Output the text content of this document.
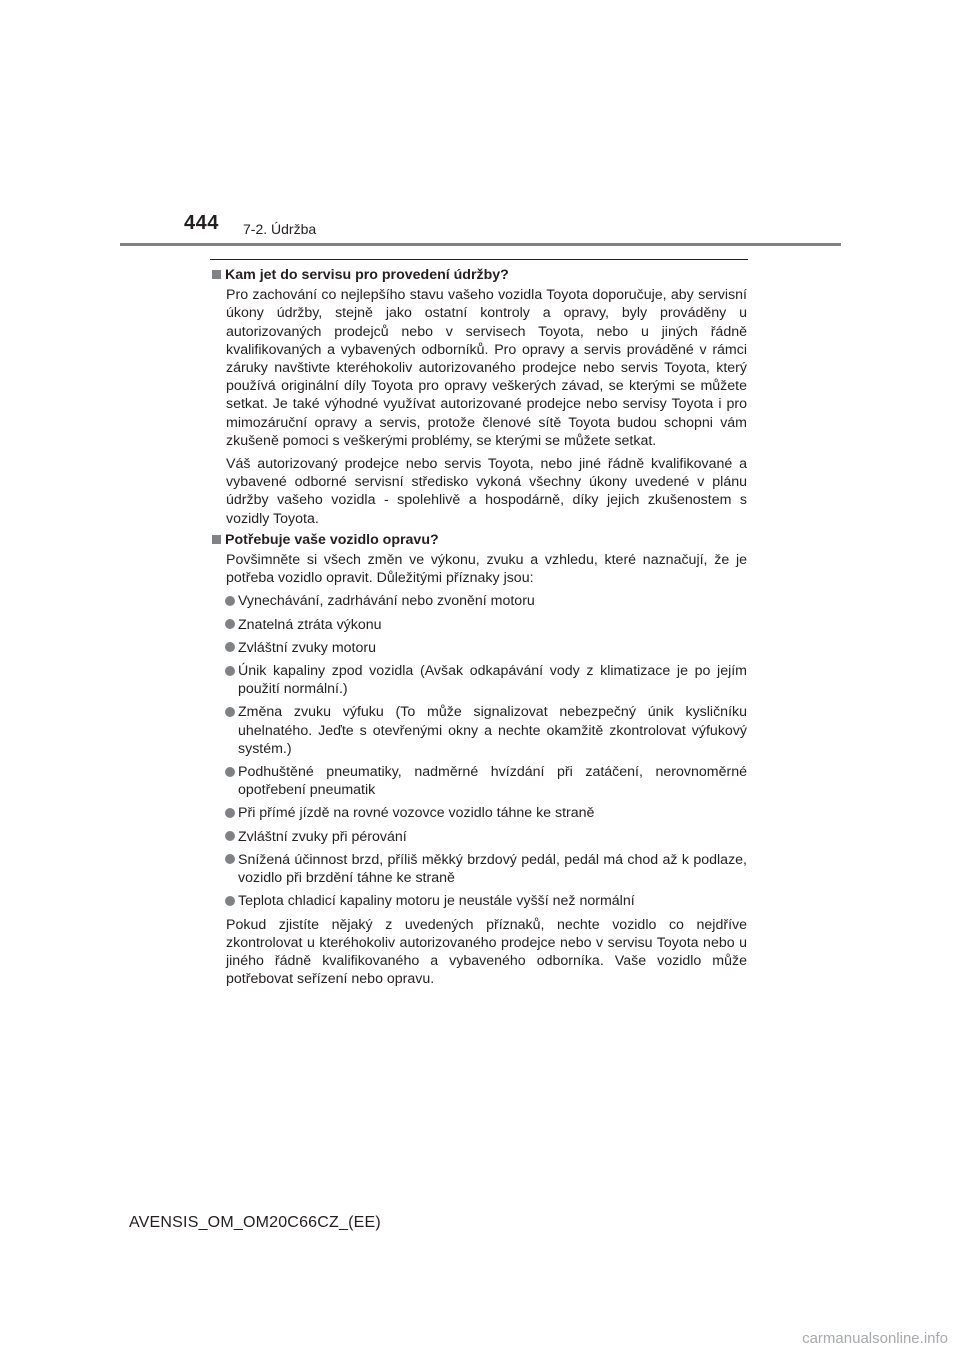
444 7-2. Údržba
Kam jet do servisu pro provedení údržby?
Pro zachování co nejlepšího stavu vašeho vozidla Toyota doporučuje, aby servisní úkony údržby, stejně jako ostatní kontroly a opravy, byly prováděny u autorizovaných prodejců nebo v servisech Toyota, nebo u jiných řádně kvalifikovaných a vybavených odborníků. Pro opravy a servis prováděné v rámci záruky navštivte kteréhokoliv autorizovaného prodejce nebo servis Toyota, který používá originální díly Toyota pro opravy veškerých závad, se kterými se můžete setkat. Je také výhodné využívat autorizované prodejce nebo servisy Toyota i pro mimozáruční opravy a servis, protože členové sítě Toyota budou schopni vám zkušeně pomoci s veškerými problémy, se kterými se můžete setkat.
Váš autorizovaný prodejce nebo servis Toyota, nebo jiné řádně kvalifikované a vybavené odborné servisní středisko vykoná všechny úkony uvedené v plánu údržby vašeho vozidla - spolehlivě a hospodárně, díky jejich zkušenostem s vozidly Toyota.
Potřebuje vaše vozidlo opravu?
Povšimněte si všech změn ve výkonu, zvuku a vzhledu, které naznačují, že je potřeba vozidlo opravit. Důležitými příznaky jsou:
Vynechávání, zadrhávání nebo zvonění motoru
Znatelná ztráta výkonu
Zvláštní zvuky motoru
Únik kapaliny zpod vozidla (Avšak odkapávání vody z klimatizace je po jejím použití normální.)
Změna zvuku výfuku (To může signalizovat nebezpečný únik kysličníku uhelnatého. Jeďte s otevřenými okny a nechte okamžitě zkontrolovat výfukový systém.)
Podhuštěné pneumatiky, nadměrné hvízdání při zatáčení, nerovnoměrné opotřebení pneumatik
Při přímé jízdě na rovné vozovce vozidlo táhne ke straně
Zvláštní zvuky při pérování
Snížená účinnost brzd, příliš měkký brzdový pedál, pedál má chod až k podlaze, vozidlo při brzdění táhne ke straně
Teplota chladicí kapaliny motoru je neustále vyšší než normální
Pokud zjistíte nějaký z uvedených příznaků, nechte vozidlo co nejdříve zkontrolovat u kteréhokoliv autorizovaného prodejce nebo v servisu Toyota nebo u jiného řádně kvalifikovaného a vybaveného odborníka. Vaše vozidlo může potřebovat seřízení nebo opravu.
AVENSIS_OM_OM20C66CZ_(EE)
carmanualsonline.info
